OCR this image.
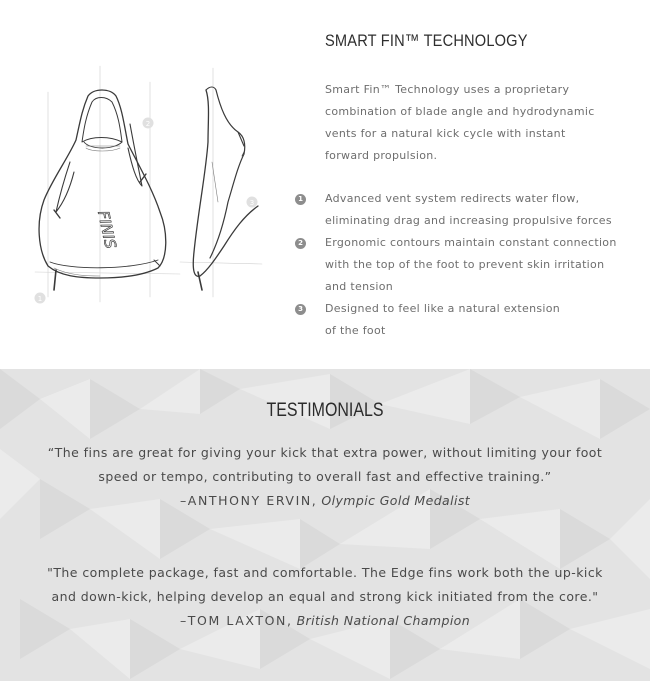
FINIS
1
2
3
SMART FIN™ TECHNOLOGY

Smart Fin™ Technology uses a proprietary combination of blade angle and hydrodynamic vents for a natural kick cycle with instant forward propulsion.

1 Advanced vent system redirects water flow, eliminating drag and increasing propulsive forces
2 Ergonomic contours maintain constant connection with the top of the foot to prevent skin irritation and tension
3 Designed to feel like a natural extension of the foot
TESTIMONIALS

“The fins are great for giving your kick that extra power, without limiting your foot speed or tempo, contributing to overall fast and effective training.”

–ANTHONY ERVIN, Olympic Gold Medalist

"The complete package, fast and comfortable. The Edge fins work both the up-kick and down-kick, helping develop an equal and strong kick initiated from the core."

–TOM LAXTON, British National Champion
